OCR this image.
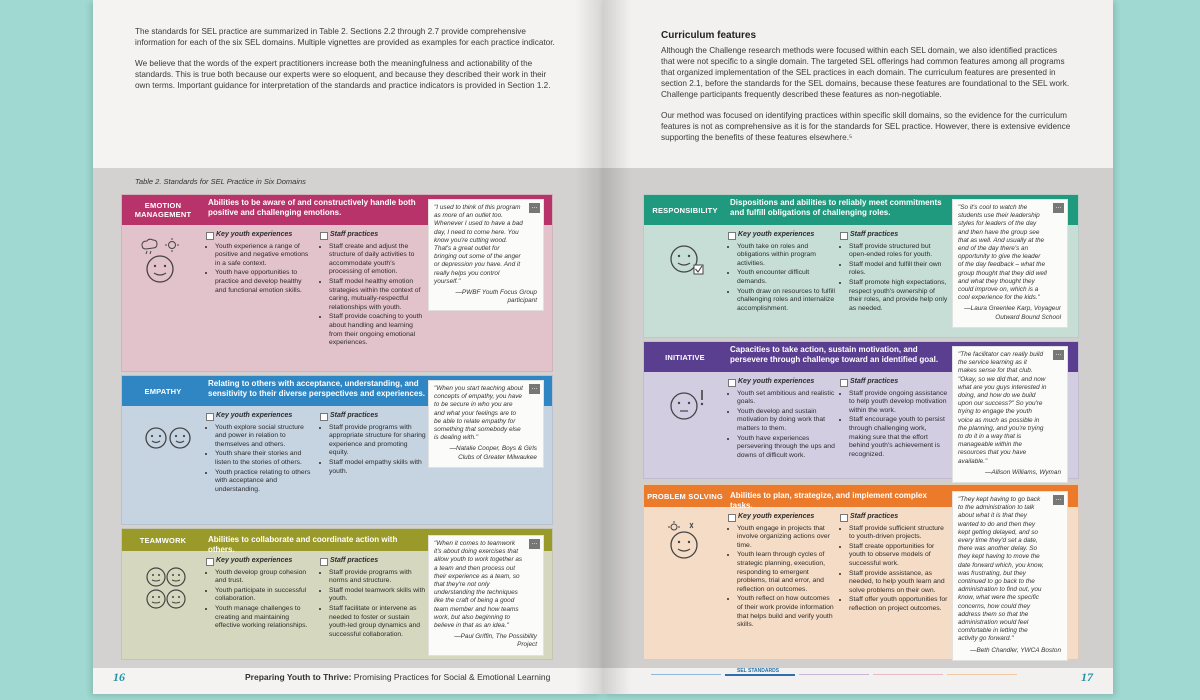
The standards for SEL practice are summarized in Table 2. Sections 2.2 through 2.7 provide comprehensive information for each of the six SEL domains. Multiple vignettes are provided as examples for each practice indicator.

We believe that the words of the expert practitioners increase both the meaningfulness and actionability of the standards. This is true both because our experts were so eloquent, and because they described their work in their own terms. Important guidance for interpretation of the standards and practice indicators is provided in Section 1.2.

Table 2. Standards for SEL Practice in Six Domains
EMOTION MANAGEMENT
Abilities to be aware of and constructively handle both positive and challenging emotions.
Key youth experiences
• Youth experience a range of positive and negative emotions in a safe context.
• Youth have opportunities to practice and develop healthy and functional emotion skills.
Staff practices
• Staff create and adjust the structure of daily activities to accommodate youth's processing of emotion.
• Staff model healthy emotion strategies within the context of caring, mutually-respectful relationships with youth.
• Staff provide coaching to youth about handling and learning from their ongoing emotional experiences.
...
"I used to think of this program as more of an outlet too. Whenever I used to have a bad day, I need to come here. You know you're cutting wood. That's a great outlet for bringing out some of the anger or depression you have. And it really helps you control yourself."
—PWBF Youth Focus Group participant
EMPATHY
Relating to others with acceptance, understanding, and sensitivity to their diverse perspectives and experiences.
Key youth experiences
• Youth explore social structure and power in relation to themselves and others.
• Youth share their stories and listen to the stories of others.
• Youth practice relating to others with acceptance and understanding.
Staff practices
• Staff provide programs with appropriate structure for sharing experience and promoting equity.
• Staff model empathy skills with youth.
...
"When you start teaching about concepts of empathy, you have to be secure in who you are and what your feelings are to be able to relate empathy for something that somebody else is dealing with."
—Natalie Cooper, Boys & Girls Clubs of Greater Milwaukee
TEAMWORK	Abilities to collaborate and coordinate action with others.
Key youth experiences
• Youth develop group cohesion and trust.
• Youth participate in successful collaboration.
• Youth manage challenges to creating and maintaining effective working relationships.
Staff practices
• Staff provide programs with norms and structure.
• Staff model teamwork skills with youth.
• Staff facilitate or intervene as needed to foster or sustain youth-led group dynamics and successful collaboration.
...
"When it comes to teamwork it's about doing exercises that allow youth to work together as a team and then process out their experience as a team, so that they're not only understanding the techniques like the craft of being a good team member and how teams work, but also beginning to believe in that as an idea."
—Paul Griffin, The Possibility Project
16	Preparing Youth to Thrive: Promising Practices for Social & Emotional Learning
Curriculum features

Although the Challenge research methods were focused within each SEL domain, we also identified practices that were not specific to a single domain. The targeted SEL offerings had common features among all programs that organized implementation of the SEL practices in each domain. The curriculum features are presented in section 2.1, before the standards for the SEL domains, because these features are foundational to the SEL work. Challenge participants frequently described these features as non-negotiable.

Our method was focused on identifying practices within specific skill domains, so the evidence for the curriculum features is not as comprehensive as it is for the standards for SEL practice. However, there is extensive evidence supporting the benefits of these features elsewhere.⁵

RESPONSIBILITY
Dispositions and abilities to reliably meet commitments and fulfill obligations of challenging roles.
Key youth experiences
• Youth take on roles and obligations within program activities.
• Youth encounter difficult demands.
• Youth draw on resources to fulfill challenging roles and internalize accomplishment.
Staff practices
• Staff provide structured but open-ended roles for youth.
• Staff model and fulfill their own roles.
• Staff promote high expectations, respect youth's ownership of their roles, and provide help only as needed.
...
"So it's cool to watch the students use their leadership styles for leaders of the day and then have the group see that as well. And usually at the end of the day there's an opportunity to give the leader of the day feedback – what the group thought that they did well and what they thought they could improve on, which is a cool experience for the kids."
—Laura Greenlee Karp, Voyageur Outward Bound School
INITIATIVE
Capacities to take action, sustain motivation, and persevere through challenge toward an identified goal.
Key youth experiences
• Youth set ambitious and realistic goals.
• Youth develop and sustain motivation by doing work that matters to them.
• Youth have experiences persevering through the ups and downs of difficult work.
Staff practices
• Staff provide ongoing assistance to help youth develop motivation within the work.
• Staff encourage youth to persist through challenging work, making sure that the effort behind youth's achievement is recognized.
...
"The facilitator can really build the service learning as it makes sense for that club. "Okay, so we did that, and now what are you guys interested in doing, and how do we build upon our success?" So you're trying to engage the youth voice as much as possible in the planning, and you're trying to do it in a way that is manageable within the resources that you have available."
—Allison Williams, Wyman
PROBLEM SOLVING Abilities to plan, strategize, and implement complex tasks.
Key youth experiences
• Youth engage in projects that involve organizing actions over time.
• Youth learn through cycles of strategic planning, execution, responding to emergent problems, trial and error, and reflection on outcomes.
• Youth reflect on how outcomes of their work provide information that helps build and verify youth skills.
Staff practices
• Staff provide sufficient structure to youth-driven projects.
• Staff create opportunities for youth to observe models of successful work.
• Staff provide assistance, as needed, to help youth learn and solve problems on their own.
• Staff offer youth opportunities for reflection on project outcomes.
...
"They kept having to go back to the administration to talk about what it is that they wanted to do and then they kept getting delayed, and so every time they'd set a date, there was another delay. So they kept having to move the date forward which, you know, was frustrating, but they continued to go back to the administration to find out, you know, what were the specific concerns, how could they address them so that the administration would feel comfortable in letting the activity go forward."
—Beth Chandler, YWCA Boston
SEL STANDARDS	17
